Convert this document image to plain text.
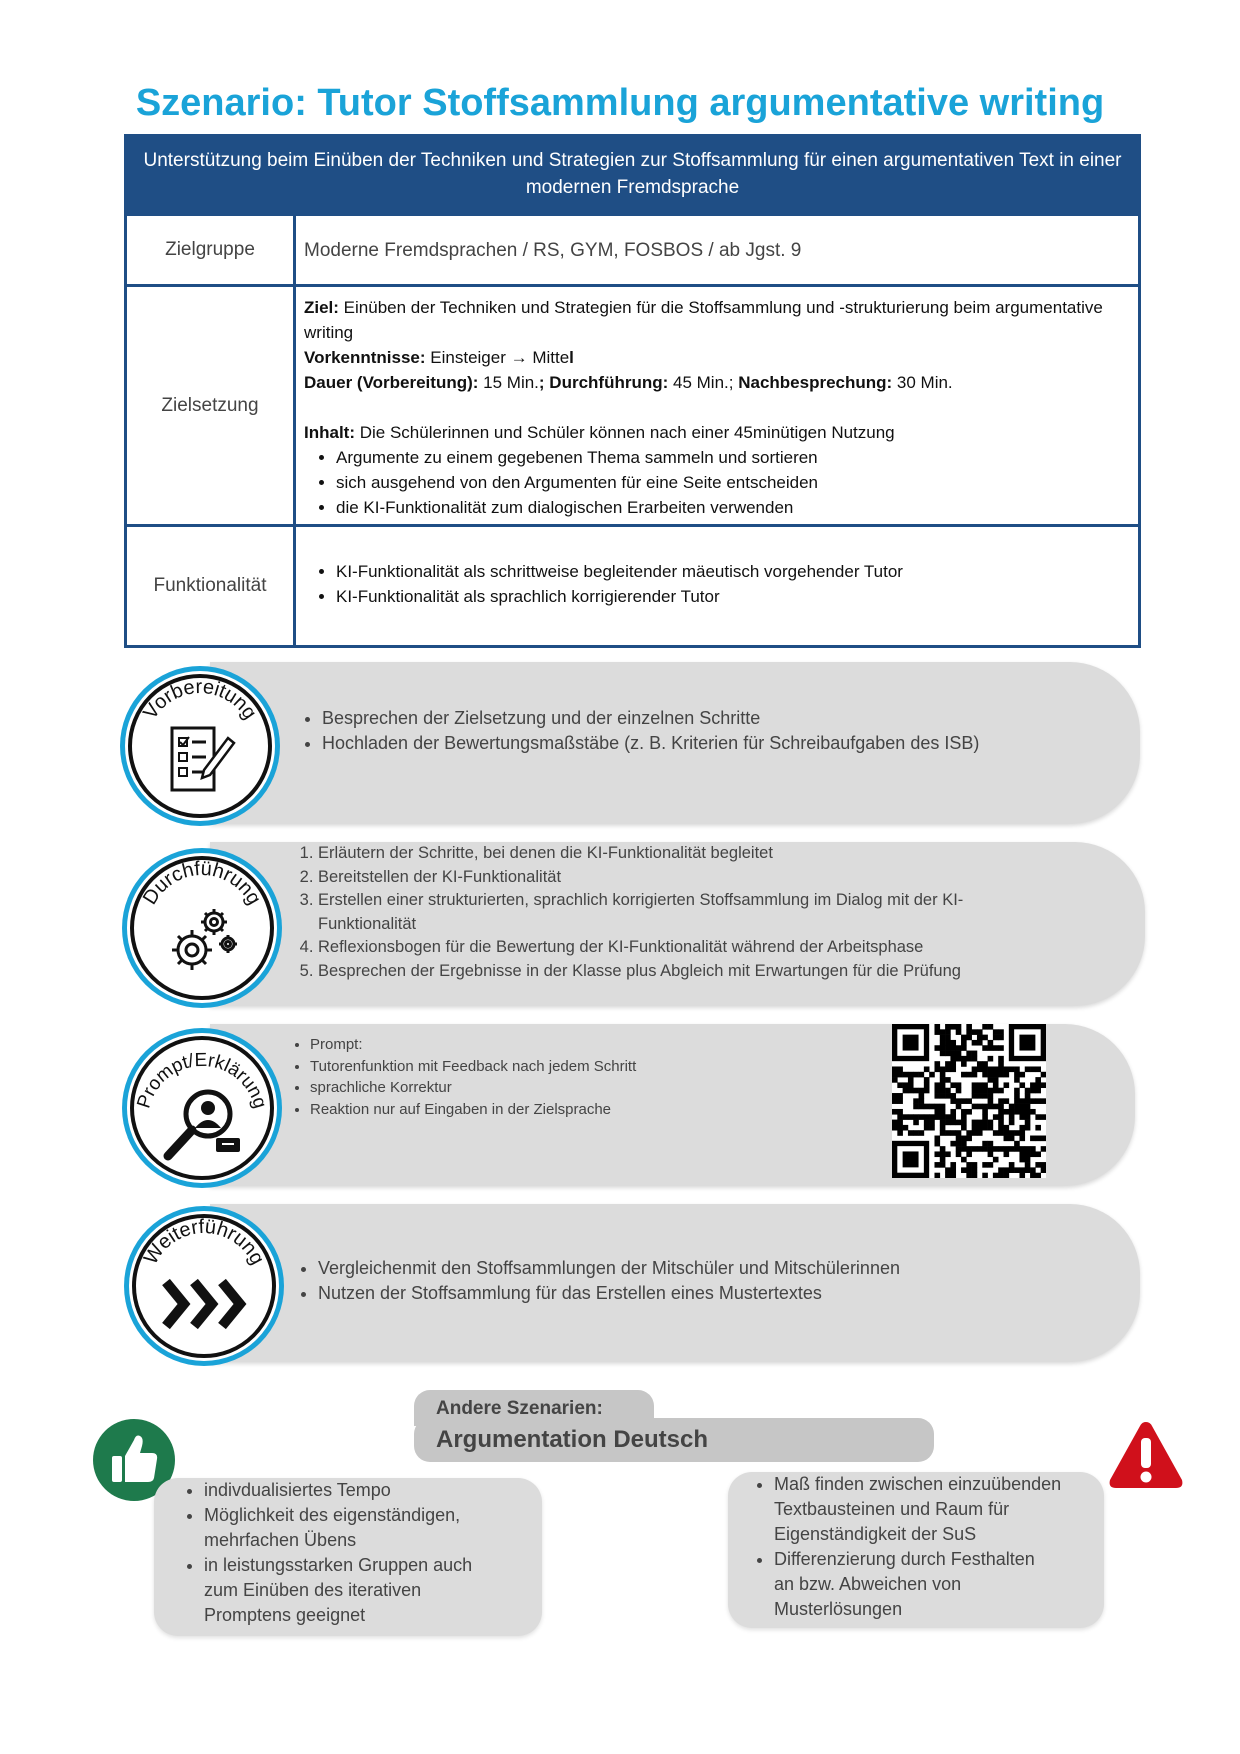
Szenario: Tutor Stoffsammlung argumentative writing
Unterstützung beim Einüben der Techniken und Strategien zur Stoffsammlung für einen argumentativen Text in einer modernen Fremdsprache
Zielgruppe	Moderne Fremdsprachen / RS, GYM, FOSBOS / ab Jgst. 9
Zielsetzung
Ziel: Einüben der Techniken und Strategien für die Stoffsammlung und -strukturierung beim argumentative writing
Vorkenntnisse: Einsteiger → Mittel
Dauer (Vorbereitung): 15 Min.; Durchführung: 45 Min.; Nachbesprechung: 30 Min.
Inhalt: Die Schülerinnen und Schüler können nach einer 45minütigen Nutzung
• Argumente zu einem gegebenen Thema sammeln und sortieren
• sich ausgehend von den Argumenten für eine Seite entscheiden
• die KI-Funktionalität zum dialogischen Erarbeiten verwenden
Funktionalität
• KI-Funktionalität als schrittweise begleitender mäeutisch vorgehender Tutor
• KI-Funktionalität als sprachlich korrigierender Tutor
• Besprechen der Zielsetzung und der einzelnen Schritte
• Hochladen der Bewertungsmaßstäbe (z. B. Kriterien für Schreibaufgaben des ISB)
Vorbereitung
1. Erläutern der Schritte, bei denen die KI-Funktionalität begleitet
2. Bereitstellen der KI-Funktionalität
3. Erstellen einer strukturierten, sprachlich korrigierten Stoffsammlung im Dialog mit der KI-Funktionalität
4. Reflexionsbogen für die Bewertung der KI-Funktionalität während der Arbeitsphase
5. Besprechen der Ergebnisse in der Klasse plus Abgleich mit Erwartungen für die Prüfung
Durchführung
• Prompt:
• Tutorenfunktion mit Feedback nach jedem Schritt
• sprachliche Korrektur
• Reaktion nur auf Eingaben in der Zielsprache
Prompt/Erklärung
• Vergleichenmit den Stoffsammlungen der Mitschüler und Mitschülerinnen
• Nutzen der Stoffsammlung für das Erstellen eines Mustertextes
Weiterführung
Andere Szenarien:
Argumentation Deutsch
• indivdualisiertes Tempo
• Möglichkeit des eigenständigen, mehrfachen Übens
• in leistungsstarken Gruppen auch zum Einüben des iterativen Promptens geeignet
• Maß finden zwischen einzuübenden Textbausteinen und Raum für Eigenständigkeit der SuS
• Differenzierung durch Festhalten an bzw. Abweichen von Musterlösungen
